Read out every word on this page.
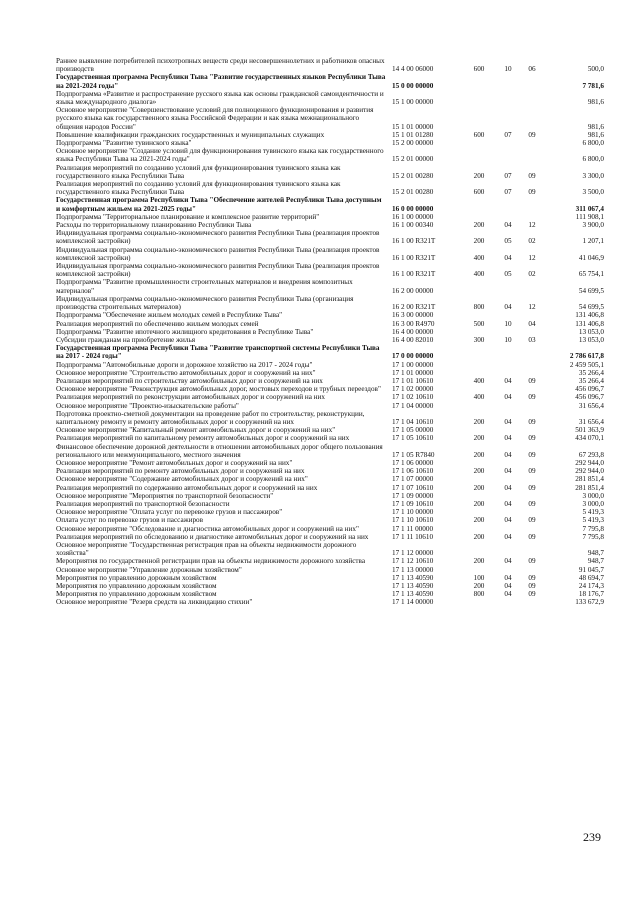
Раннее выявление потребителей психотропных веществ среди несовершеннолетних и работников опасных производств	14 4 00 06000	600	10	06	500,0
Государственная программа Республики Тыва "Развитие государственных языков Республики Тыва на 2021-2024 годы"	15 0 00 00000				7 781,6
Подпрограмма «Развитие и распространение русского языка как основы гражданской самоидентичности и языка международного диалога»	15 1 00 00000				981,6
Основное мероприятие "Совершенствование условий для полноценного функционирования и развития русского языка как государственного языка Российской Федерации и как языка межнационального общения народов России"	15 1 01 00000				981,6
Повышение квалификации гражданских государственных и муниципальных служащих	15 1 01 01280	600	07	09	981,6
Подпрограмма "Развитие тувинского языка"	15 2 00 00000				6 800,0
Основное мероприятие "Создание условий для функционирования тувинского языка как государственного языка Республики Тыва на 2021-2024 годы"	15 2 01 00000				6 800,0
Реализация мероприятий по созданию условий для функционирования тувинского языка как государственного языка Республики Тыва	15 2 01 00280	200	07	09	3 300,0
Реализация мероприятий по созданию условий для функционирования тувинского языка как государственного языка Республики Тыва	15 2 01 00280	600	07	09	3 500,0
Государственная программа Республики Тыва "Обеспечение жителей Республики Тыва доступным и комфортным жильем на 2021-2025 годы"	16 0 00 00000				311 067,4
Подпрограмма "Территориальное планирование и комплексное развитие территорий"	16 1 00 00000				111 908,1
Расходы по территориальному планированию Республики Тыва	16 1 00 00340	200	04	12	3 900,0
Индивидуальная программа социально-экономического развития Республики Тыва (реализация проектов комплексной застройки)	16 1 00 R321T	200	05	02	1 207,1
Индивидуальная программа социально-экономического развития Республики Тыва (реализация проектов комплексной застройки)	16 1 00 R321T	400	04	12	41 046,9
Индивидуальная программа социально-экономического развития Республики Тыва (реализация проектов комплексной застройки)	16 1 00 R321T	400	05	02	65 754,1
Подпрограмма "Развитие промышленности строительных материалов и внедрения композитных материалов"	16 2 00 00000				54 699,5
Индивидуальная программа социально-экономического развития Республики Тыва (организация производства строительных материалов)	16 2 00 R321T	800	04	12	54 699,5
Подпрограмма "Обеспечение жильем молодых семей в Республике Тыва"	16 3 00 00000				131 406,8
Реализация мероприятий по обеспечению жильем молодых семей	16 3 00 R4970	500	10	04	131 406,8
Подпрограмма "Развитие ипотечного жилищного кредитования в Республике Тыва"	16 4 00 00000				13 053,0
Субсидии гражданам на приобретение жилья	16 4 00 82010	300	10	03	13 053,0
Государственная программа Республики Тыва "Развитие транспортной системы Республики Тыва на 2017 - 2024 годы"	17 0 00 00000				2 786 617,8
Подпрограмма "Автомобильные дороги и дорожное хозяйство на 2017 - 2024 годы"	17 1 00 00000				2 459 505,1
Основное мероприятие "Строительство автомобильных дорог и сооружений на них"	17 1 01 00000				35 266,4
Реализация мероприятий по строительству автомобильных дорог и сооружений на них	17 1 01 10610	400	04	09	35 266,4
Основное мероприятие "Реконструкция автомобильных дорог, мостовых переходов и трубных переездов"	17 1 02 00000				456 096,7
Реализация мероприятий по реконструкции автомобильных дорог и сооружений на них	17 1 02 10610	400	04	09	456 096,7
Основное мероприятие "Проектно-изыскательские работы"	17 1 04 00000				31 656,4
Подготовка проектно-сметной документации на проведение работ по строительству, реконструкции, капитальному ремонту и ремонту автомобильных дорог и сооружений на них	17 1 04 10610	200	04	09	31 656,4
Основное мероприятие "Капитальный ремонт автомобильных дорог и сооружений на них"	17 1 05 00000				501 363,9
Реализация мероприятий по капитальному ремонту автомобильных дорог и сооружений на них	17 1 05 10610	200	04	09	434 070,1
Финансовое обеспечение дорожной деятельности в отношении автомобильных дорог общего пользования регионального или межмуниципального, местного значения	17 1 05 R7840	200	04	09	67 293,8
Основное мероприятие "Ремонт автомобильных дорог и сооружений на них"	17 1 06 00000				292 944,0
Реализация мероприятий по ремонту автомобильных дорог и сооружений на них	17 1 06 10610	200	04	09	292 944,0
Основное мероприятие "Содержание автомобильных дорог и сооружений на них"	17 1 07 00000				281 851,4
Реализация мероприятий по содержанию автомобильных дорог и сооружений на них	17 1 07 10610	200	04	09	281 851,4
Основное мероприятие "Мероприятия по транспортной безопасности"	17 1 09 00000				3 000,0
Реализация мероприятий по транспортной безопасности	17 1 09 10610	200	04	09	3 000,0
Основное мероприятие "Оплата услуг по перевозке грузов и пассажиров"	17 1 10 00000				5 419,3
Оплата услуг по перевозке грузов и пассажиров	17 1 10 10610	200	04	09	5 419,3
Основное мероприятие "Обследование и диагностика автомобильных дорог и сооружений на них"	17 1 11 00000				7 795,8
Реализация мероприятий по обследованию и диагностике автомобильных дорог и сооружений на них	17 1 11 10610	200	04	09	7 795,8
Основное мероприятие "Государственная регистрация прав на объекты недвижимости дорожного хозяйства"	17 1 12 00000				948,7
Мероприятия по государственной регистрации прав на объекты недвижимости дорожного хозяйства	17 1 12 10610	200	04	09	948,7
Основное мероприятие "Управление дорожным хозяйством"	17 1 13 00000				91 045,7
Мероприятия по управлению дорожным хозяйством	17 1 13 40590	100	04	09	48 694,7
Мероприятия по управлению дорожным хозяйством	17 1 13 40590	200	04	09	24 174,3
Мероприятия по управлению дорожным хозяйством	17 1 13 40590	800	04	09	18 176,7
Основное мероприятие "Резерв средств на ликвидацию стихии"	17 1 14 00000				133 672,9
239
